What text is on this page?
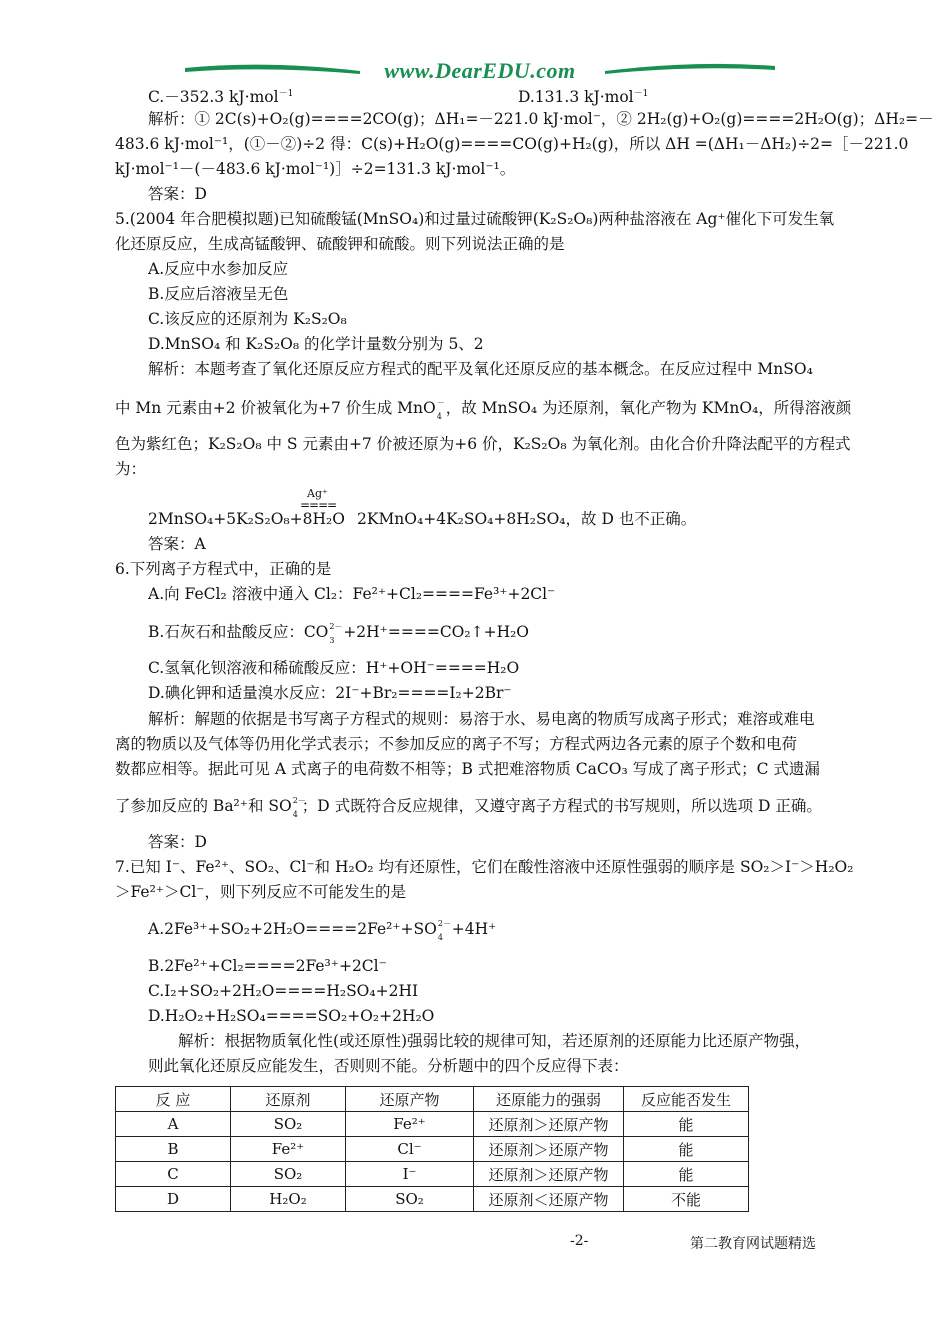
www.DearEDU.com
C.－352.3 kJ·mol$^{-1}$	D.131.3 kJ·mol$^{-1}$
解析：① 2C(s)+O₂(g)====2CO(g)；ΔH₁=－221.0 kJ·mol⁻，② 2H₂(g)+O₂(g)====2H₂O(g)；ΔH₂=－
483.6 kJ·mol⁻¹，(①－②)÷2 得：C(s)+H₂O(g)====CO(g)+H₂(g)，所以 ΔH =(ΔH₁－ΔH₂)÷2=［－221.0
kJ·mol⁻¹－(－483.6 kJ·mol⁻¹)］÷2=131.3 kJ·mol⁻¹。
答案：D
5.(2004 年合肥模拟题)已知硫酸锰(MnSO₄)和过量过硫酸钾(K₂S₂O₈)两种盐溶液在 Ag⁺催化下可发生氧
化还原反应，生成高锰酸钾、硫酸钾和硫酸。则下列说法正确的是
A.反应中水参加反应
B.反应后溶液呈无色
C.该反应的还原剂为 K₂S₂O₈
D.MnSO₄ 和 K₂S₂O₈ 的化学计量数分别为 5、2
解析：本题考查了氧化还原反应方程式的配平及氧化还原反应的基本概念。在反应过程中 MnSO₄
中 Mn 元素由+2 价被氧化为+7 价生成 MnO －
4 ，故 MnSO₄ 为还原剂，氧化产物为 KMnO₄，所得溶液颜
色为紫红色；K₂S₂O₈ 中 S 元素由+7 价被还原为+6 价，K₂S₂O₈ 为氧化剂。由化合价升降法配平的方程式
为：
Ag⁺
====
2MnSO₄+5K₂S₂O₈+8H₂O 2KMnO₄+4K₂SO₄+8H₂SO₄，故 D 也不正确。
答案：A
6.下列离子方程式中，正确的是
A.向 FeCl₂ 溶液中通入 Cl₂：Fe²⁺+Cl₂====Fe³⁺+2Cl⁻
B.石灰石和盐酸反应：CO 2－
3 +2H⁺====CO₂↑+H₂O
C.氢氧化钡溶液和稀硫酸反应：H⁺+OH⁻====H₂O
D.碘化钾和适量溴水反应：2I⁻+Br₂====I₂+2Br⁻
解析：解题的依据是书写离子方程式的规则：易溶于水、易电离的物质写成离子形式；难溶或难电
离的物质以及气体等仍用化学式表示；不参加反应的离子不写；方程式两边各元素的原子个数和电荷
数都应相等。据此可见 A 式离子的电荷数不相等；B 式把难溶物质 CaCO₃ 写成了离子形式；C 式遗漏
了参加反应的 Ba²⁺和 SO 2－
4 ；D 式既符合反应规律，又遵守离子方程式的书写规则，所以选项 D 正确。
答案：D
7.已知 I⁻、Fe²⁺、SO₂、Cl⁻和 H₂O₂ 均有还原性，它们在酸性溶液中还原性强弱的顺序是 SO₂＞I⁻＞H₂O₂
＞Fe²⁺＞Cl⁻，则下列反应不可能发生的是
A.2Fe³⁺+SO₂+2H₂O====2Fe²⁺+SO 2－
4 +4H⁺
B.2Fe²⁺+Cl₂====2Fe³⁺+2Cl⁻
C.I₂+SO₂+2H₂O====H₂SO₄+2HI
D.H₂O₂+H₂SO₄====SO₂+O₂+2H₂O
解析：根据物质氧化性(或还原性)强弱比较的规律可知，若还原剂的还原能力比还原产物强，
则此氧化还原反应能发生，否则则不能。分析题中的四个反应得下表：
反 应	还原剂	还原产物	还原能力的强弱	反应能否发生
A	SO₂	Fe²⁺	还原剂＞还原产物	能
B	Fe²⁺	Cl⁻	还原剂＞还原产物	能
C	SO₂	I⁻	还原剂＞还原产物	能
D	H₂O₂	SO₂	还原剂＜还原产物	不能
-2-	第二教育网试题精选
